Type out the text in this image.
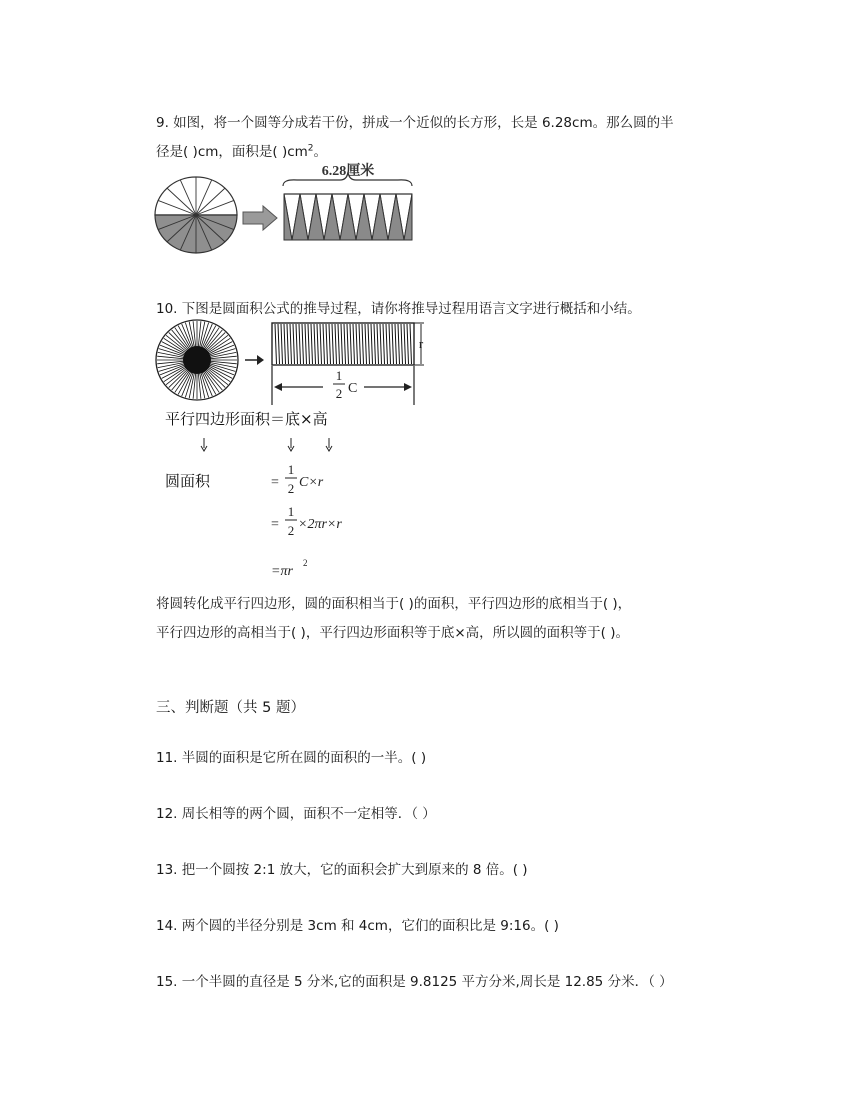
9. 如图，将一个圆等分成若干份，拼成一个近似的长方形，长是 6.28cm。那么圆的半
径是( )cm，面积是( )$cm^2$。
6.28厘米
10. 下图是圆面积公式的推导过程，请你将推导过程用语言文字进行概括和小结。
r
1
2 C
平行四边形面积＝底×高
圆面积	=
1
2 C×r
=
1
2 ×2πr×r
=πr
2
将圆转化成平行四边形，圆的面积相当于( )的面积，平行四边形的底相当于( )，
平行四边形的高相当于( )，平行四边形面积等于底×高，所以圆的面积等于( )。
三、判断题（共 5 题）
11. 半圆的面积是它所在圆的面积的一半。( )
12. 周长相等的两个圆，面积不一定相等．（ ）
13. 把一个圆按 2:1 放大，它的面积会扩大到原来的 8 倍。( )
14. 两个圆的半径分别是 3cm 和 4cm，它们的面积比是 9:16。( )
15. 一个半圆的直径是 5 分米,它的面积是 9.8125 平方分米,周长是 12.85 分米．（ ）
